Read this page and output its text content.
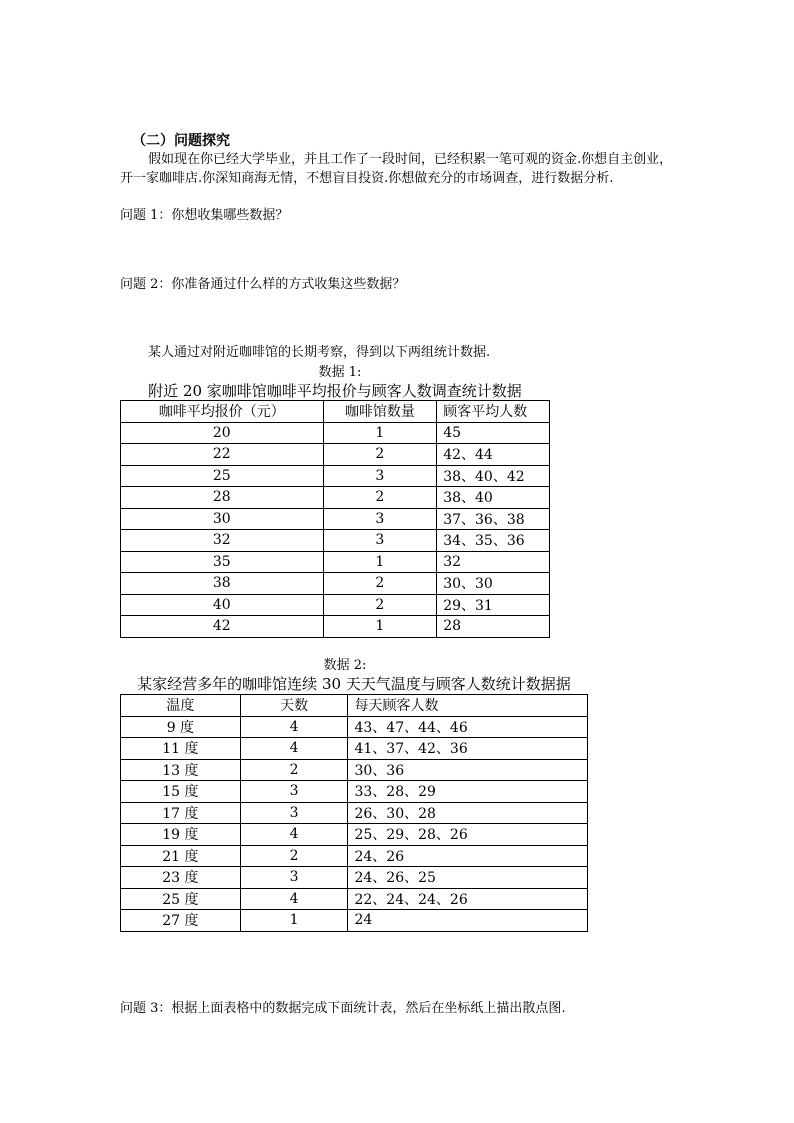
（二）问题探究
假如现在你已经大学毕业，并且工作了一段时间，已经积累一笔可观的资金.你想自主创业，开一家咖啡店.你深知商海无情，不想盲目投资.你想做充分的市场调查，进行数据分析.
问题 1：你想收集哪些数据？
问题 2：你准备通过什么样的方式收集这些数据？
某人通过对附近咖啡馆的长期考察，得到以下两组统计数据.
数据 1:
附近 20 家咖啡馆咖啡平均报价与顾客人数调查统计数据
咖啡平均报价（元）	咖啡馆数量	顾客平均人数
20	1	45
22	2	42、44
25	3	38、40、42
28	2	38、40
30	3	37、36、38
32	3	34、35、36
35	1	32
38	2	30、30
40	2	29、31
42	1	28
数据 2:
某家经营多年的咖啡馆连续 30 天天气温度与顾客人数统计数据据
温度	天数	每天顾客人数
9 度	4	43、47、44、46
11 度	4	41、37、42、36
13 度	2	30、36
15 度	3	33、28、29
17 度	3	26、30、28
19 度	4	25、29、28、26
21 度	2	24、26
23 度	3	24、26、25
25 度	4	22、24、24、26
27 度	1	24
问题 3：根据上面表格中的数据完成下面统计表，然后在坐标纸上描出散点图.
